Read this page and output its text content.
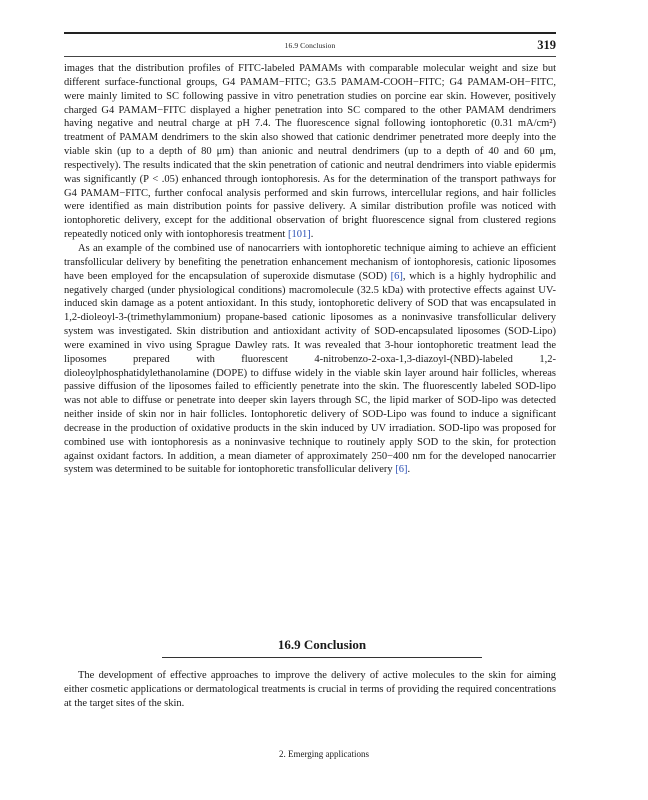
16.9 Conclusion	319

images that the distribution profiles of FITC-labeled PAMAMs with comparable molecular weight and size but different surface-functional groups, G4 PAMAM−FITC; G3.5 PAMAM-COOH−FITC; G4 PAMAM-OH−FITC, were mainly limited to SC following passive in vitro penetration studies on porcine ear skin. However, positively charged G4 PAMAM−FITC displayed a higher penetration into SC compared to the other PAMAM dendrimers having negative and neutral charge at pH 7.4. The fluorescence signal following iontophoretic (0.31 mA/cm²) treatment of PAMAM dendrimers to the skin also showed that cationic dendrimer penetrated more deeply into the viable skin (up to a depth of 80 μm) than anionic and neutral dendrimers (up to a depth of 40 and 60 μm, respectively). The results indicated that the skin penetration of cationic and neutral dendrimers into viable epidermis was significantly (P < .05) enhanced through iontophoresis. As for the determination of the transport pathways for G4 PAMAM−FITC, further confocal analysis performed and skin furrows, intercellular regions, and hair follicles were identified as main distribution points for passive delivery. A similar distribution profile was noticed with iontophoretic delivery, except for the additional observation of bright fluorescence signal from clustered regions repeatedly noticed only with iontophoresis treatment [101].

As an example of the combined use of nanocarriers with iontophoretic technique aiming to achieve an efficient transfollicular delivery by benefiting the penetration enhancement mechanism of iontophoresis, cationic liposomes have been employed for the encapsulation of superoxide dismutase (SOD) [6], which is a highly hydrophilic and negatively charged (under physiological conditions) macromolecule (32.5 kDa) with protective effects against UV-induced skin damage as a potent antioxidant. In this study, iontophoretic delivery of SOD that was encapsulated in 1,2-dioleoyl-3-(trimethylammonium) propane-based cationic liposomes as a noninvasive transfollicular delivery system was investigated. Skin distribution and antioxidant activity of SOD-encapsulated liposomes (SOD-Lipo) were examined in vivo using Sprague Dawley rats. It was revealed that 3-hour iontophoretic treatment lead the liposomes prepared with fluorescent 4-nitrobenzo-2-oxa-1,3-diazoyl-(NBD)-labeled 1,2-dioleoylphosphatidylethanolamine (DOPE) to diffuse widely in the viable skin layer around hair follicles, whereas passive diffusion of the liposomes failed to efficiently penetrate into the skin. The fluorescently labeled SOD-lipo was not able to diffuse or penetrate into deeper skin layers through SC, the lipid marker of SOD-lipo was detected neither inside of skin nor in hair follicles. Iontophoretic delivery of SOD-Lipo was found to induce a significant decrease in the production of oxidative products in the skin induced by UV irradiation. SOD-lipo was proposed for combined use with iontophoresis as a noninvasive technique to routinely apply SOD to the skin, for protection against oxidant factors. In addition, a mean diameter of approximately 250−400 nm for the developed nanocarrier system was determined to be suitable for iontophoretic transfollicular delivery [6].

16.9 Conclusion

The development of effective approaches to improve the delivery of active molecules to the skin for aiming either cosmetic applications or dermatological treatments is crucial in terms of providing the required concentrations at the target sites of the skin.

2. Emerging applications
